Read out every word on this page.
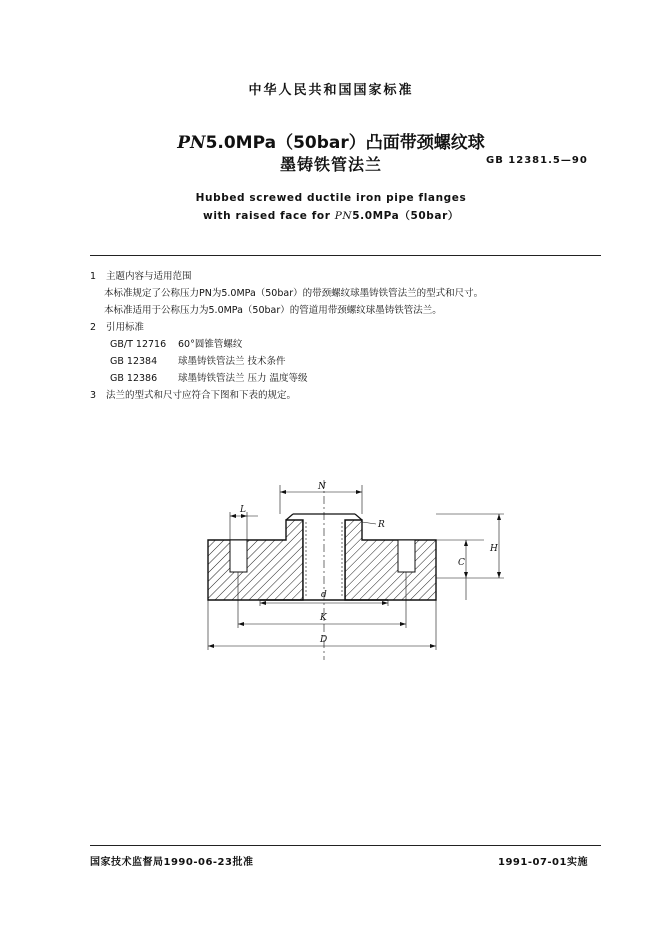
中华人民共和国国家标准
PN5.0MPa（50bar）凸面带颈螺纹球
墨铸铁管法兰	GB 12381.5—90
Hubbed screwed ductile iron pipe flanges
with raised face for PN5.0MPa（50bar）
1 主题内容与适用范围
本标准规定了公称压力PN为5.0MPa（50bar）的带颈螺纹球墨铸铁管法兰的型式和尺寸。
本标准适用于公称压力为5.0MPa（50bar）的管道用带颈螺纹球墨铸铁管法兰。
2 引用标准
GB/T 12716 60°圆锥管螺纹
GB 12384 球墨铸铁管法兰 技术条件
GB 12386 球墨铸铁管法兰 压力 温度等级
3 法兰的型式和尺寸应符合下图和下表的规定。
N
L
R
H
C
d
K
D
国家技术监督局1990-06-23批准	1991-07-01实施
